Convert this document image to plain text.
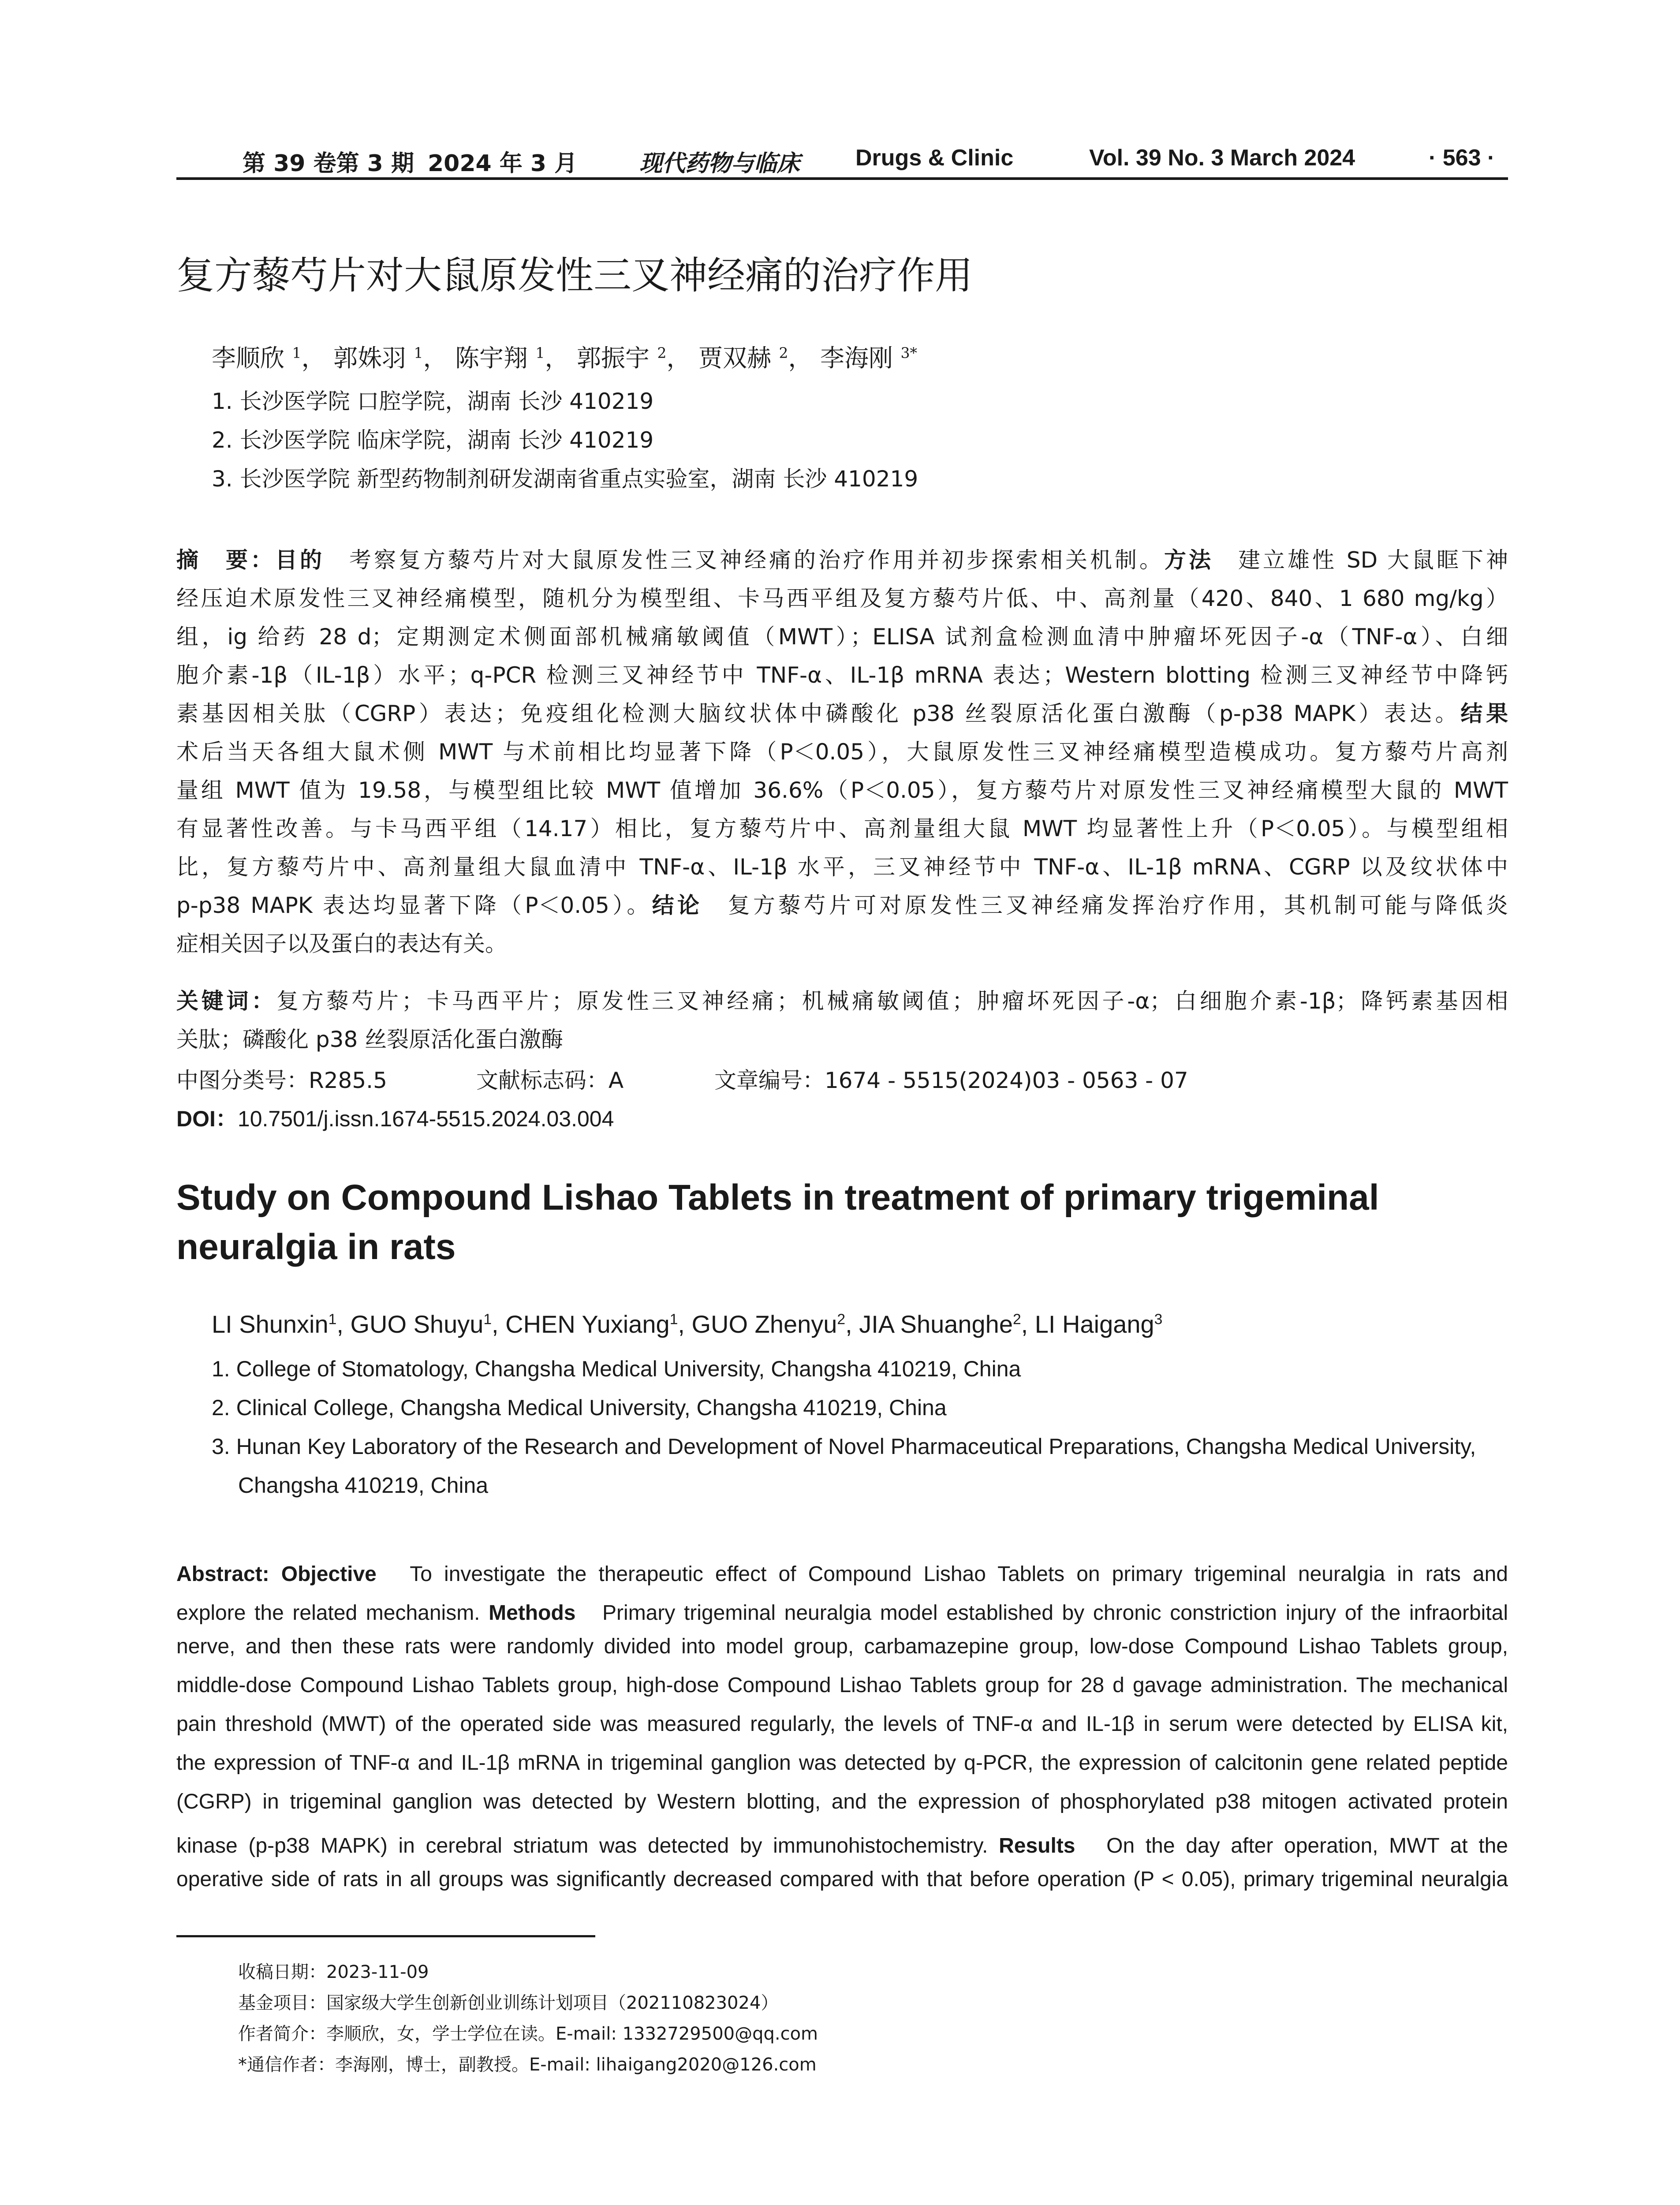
第 39 卷第 3 期 2024 年 3 月	现代药物与临床 Drugs & Clinic	Vol. 39 No. 3 March 2024	· 563 ·
复方藜芍片对大鼠原发性三叉神经痛的治疗作用
李顺欣 $^1$， 郭姝羽 $^1$， 陈宇翔 $^1$， 郭振宇 $^2$， 贾双赫 $^2$， 李海刚 $^{3*}$
1. 长沙医学院 口腔学院，湖南 长沙 410219
2. 长沙医学院 临床学院，湖南 长沙 410219
3. 长沙医学院 新型药物制剂研发湖南省重点实验室，湖南 长沙 410219
摘　要：目的　考察复方藜芍片对大鼠原发性三叉神经痛的治疗作用并初步探索相关机制。方法　建立雄性 SD 大鼠眶下神
经压迫术原发性三叉神经痛模型，随机分为模型组、卡马西平组及复方藜芍片低、中、高剂量（420、840、1 680 mg/kg）
组，ig 给药 28 d；定期测定术侧面部机械痛敏阈值（MWT）；ELISA 试剂盒检测血清中肿瘤坏死因子-α（TNF-α）、白细
胞介素-1β（IL-1β）水平；q-PCR 检测三叉神经节中 TNF-α、IL-1β mRNA 表达；Western blotting 检测三叉神经节中降钙
素基因相关肽（CGRP）表达；免疫组化检测大脑纹状体中磷酸化 p38 丝裂原活化蛋白激酶（p-p38 MAPK）表达。结果
术后当天各组大鼠术侧 MWT 与术前相比均显著下降（P＜0.05），大鼠原发性三叉神经痛模型造模成功。复方藜芍片高剂
量组 MWT 值为 19.58，与模型组比较 MWT 值增加 36.6%（P＜0.05），复方藜芍片对原发性三叉神经痛模型大鼠的 MWT
有显著性改善。与卡马西平组（14.17）相比，复方藜芍片中、高剂量组大鼠 MWT 均显著性上升（P＜0.05）。与模型组相
比，复方藜芍片中、高剂量组大鼠血清中 TNF-α、IL-1β 水平，三叉神经节中 TNF-α、IL-1β mRNA、CGRP 以及纹状体中
p-p38 MAPK 表达均显著下降（P＜0.05）。结论　复方藜芍片可对原发性三叉神经痛发挥治疗作用，其机制可能与降低炎
症相关因子以及蛋白的表达有关。
关键词：复方藜芍片；卡马西平片；原发性三叉神经痛；机械痛敏阈值；肿瘤坏死因子-α；白细胞介素-1β；降钙素基因相
关肽；磷酸化 p38 丝裂原活化蛋白激酶
中图分类号：R285.5	文献标志码：A	文章编号：1674 - 5515(2024)03 - 0563 - 07
DOI：10.7501/j.issn.1674-5515.2024.03.004
Study on Compound Lishao Tablets in treatment of primary trigeminal neuralgia in rats
LI Shunxin$^1$, GUO Shuyu$^1$, CHEN Yuxiang$^1$, GUO Zhenyu$^2$, JIA Shuanghe$^2$, LI Haigang$^3$
1. College of Stomatology, Changsha Medical University, Changsha 410219, China
2. Clinical College, Changsha Medical University, Changsha 410219, China
3. Hunan Key Laboratory of the Research and Development of Novel Pharmaceutical Preparations, Changsha Medical University,
Changsha 410219, China
Abstract: Objective　To investigate the therapeutic effect of Compound Lishao Tablets on primary trigeminal neuralgia in rats and
explore the related mechanism. Methods　Primary trigeminal neuralgia model established by chronic constriction injury of the infraorbital
nerve, and then these rats were randomly divided into model group, carbamazepine group, low-dose Compound Lishao Tablets group,
middle-dose Compound Lishao Tablets group, high-dose Compound Lishao Tablets group for 28 d gavage administration. The mechanical
pain threshold (MWT) of the operated side was measured regularly, the levels of TNF-α and IL-1β in serum were detected by ELISA kit,
the expression of TNF-α and IL-1β mRNA in trigeminal ganglion was detected by q-PCR, the expression of calcitonin gene related peptide
(CGRP) in trigeminal ganglion was detected by Western blotting, and the expression of phosphorylated p38 mitogen activated protein
kinase (p-p38 MAPK) in cerebral striatum was detected by immunohistochemistry. Results　On the day after operation, MWT at the
operative side of rats in all groups was significantly decreased compared with that before operation (P < 0.05), primary trigeminal neuralgia
收稿日期：2023-11-09
基金项目：国家级大学生创新创业训练计划项目（202110823024）
作者简介：李顺欣，女，学士学位在读。E-mail: 1332729500@qq.com
*通信作者：李海刚，博士，副教授。E-mail: lihaigang2020@126.com
